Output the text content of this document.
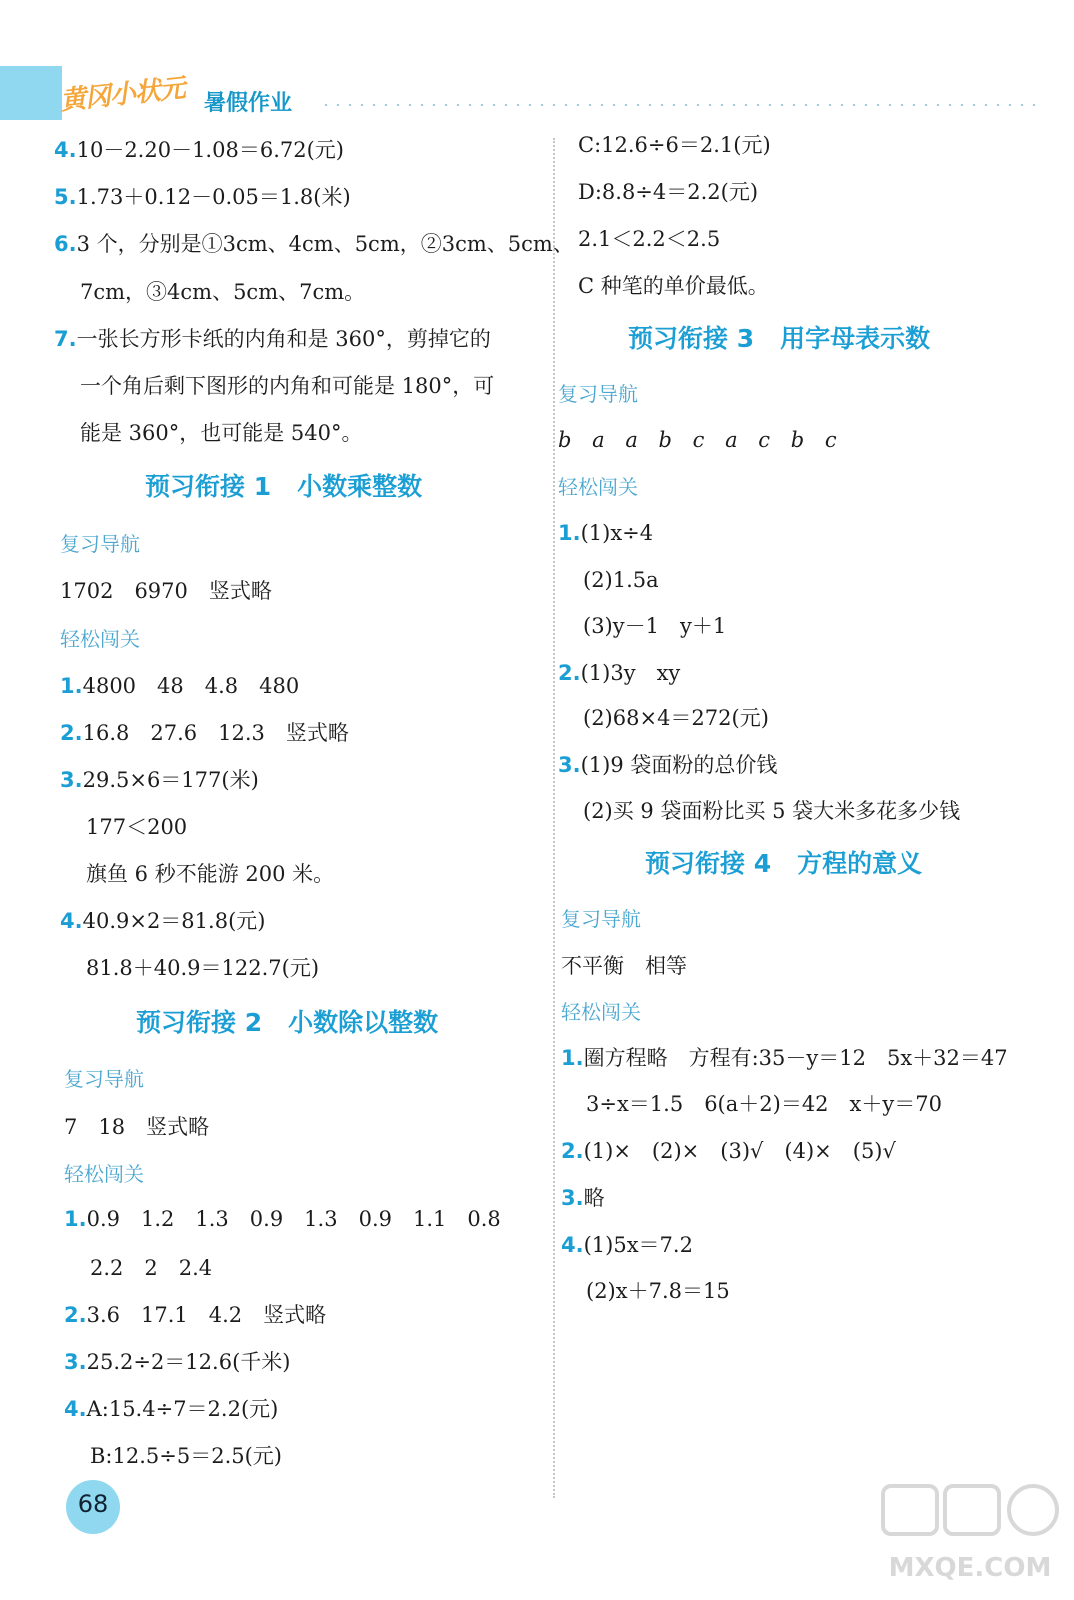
黄冈小状元 暑假作业
4.10－2.20－1.08＝6.72(元)
5.1.73＋0.12－0.05＝1.8(米)
6.3 个，分别是①3cm、4cm、5cm，②3cm、5cm、
7cm，③4cm、5cm、7cm。
7.一张长方形卡纸的内角和是 360°，剪掉它的
一个角后剩下图形的内角和可能是 180°，可
能是 360°，也可能是 540°。
预习衔接 1 小数乘整数
复习导航
1702　6970　竖式略
轻松闯关
1.4800　48　4.8　480
2.16.8　27.6　12.3　竖式略
3.29.5×6＝177(米)
177＜200
旗鱼 6 秒不能游 200 米。
4.40.9×2＝81.8(元)
81.8＋40.9＝122.7(元)
预习衔接 2 小数除以整数
复习导航
7　18　竖式略
轻松闯关
1.0.9　1.2　1.3　0.9　1.3　0.9　1.1　0.8
2.2　2　2.4
2.3.6　17.1　4.2　竖式略
3.25.2÷2＝12.6(千米)
4.A:15.4÷7＝2.2(元)
B:12.5÷5＝2.5(元)
C:12.6÷6＝2.1(元)
D:8.8÷4＝2.2(元)
2.1＜2.2＜2.5
C 种笔的单价最低。
预习衔接 3 用字母表示数
复习导航
b a a b c a c b c
轻松闯关
1.(1)x÷4
(2)1.5a
(3)y－1　y＋1
2.(1)3y　xy
(2)68×4＝272(元)
3.(1)9 袋面粉的总价钱
(2)买 9 袋面粉比买 5 袋大米多花多少钱
预习衔接 4 方程的意义
复习导航
不平衡　相等
轻松闯关
1.圈方程略　方程有:35－y＝12　5x＋32＝47
3÷x＝1.5　6(a＋2)＝42　x＋y＝70
2.(1)×　(2)×　(3)√　(4)×　(5)√
3.略
4.(1)5x＝7.2
(2)x＋7.8＝15
68
MXQE.COM
